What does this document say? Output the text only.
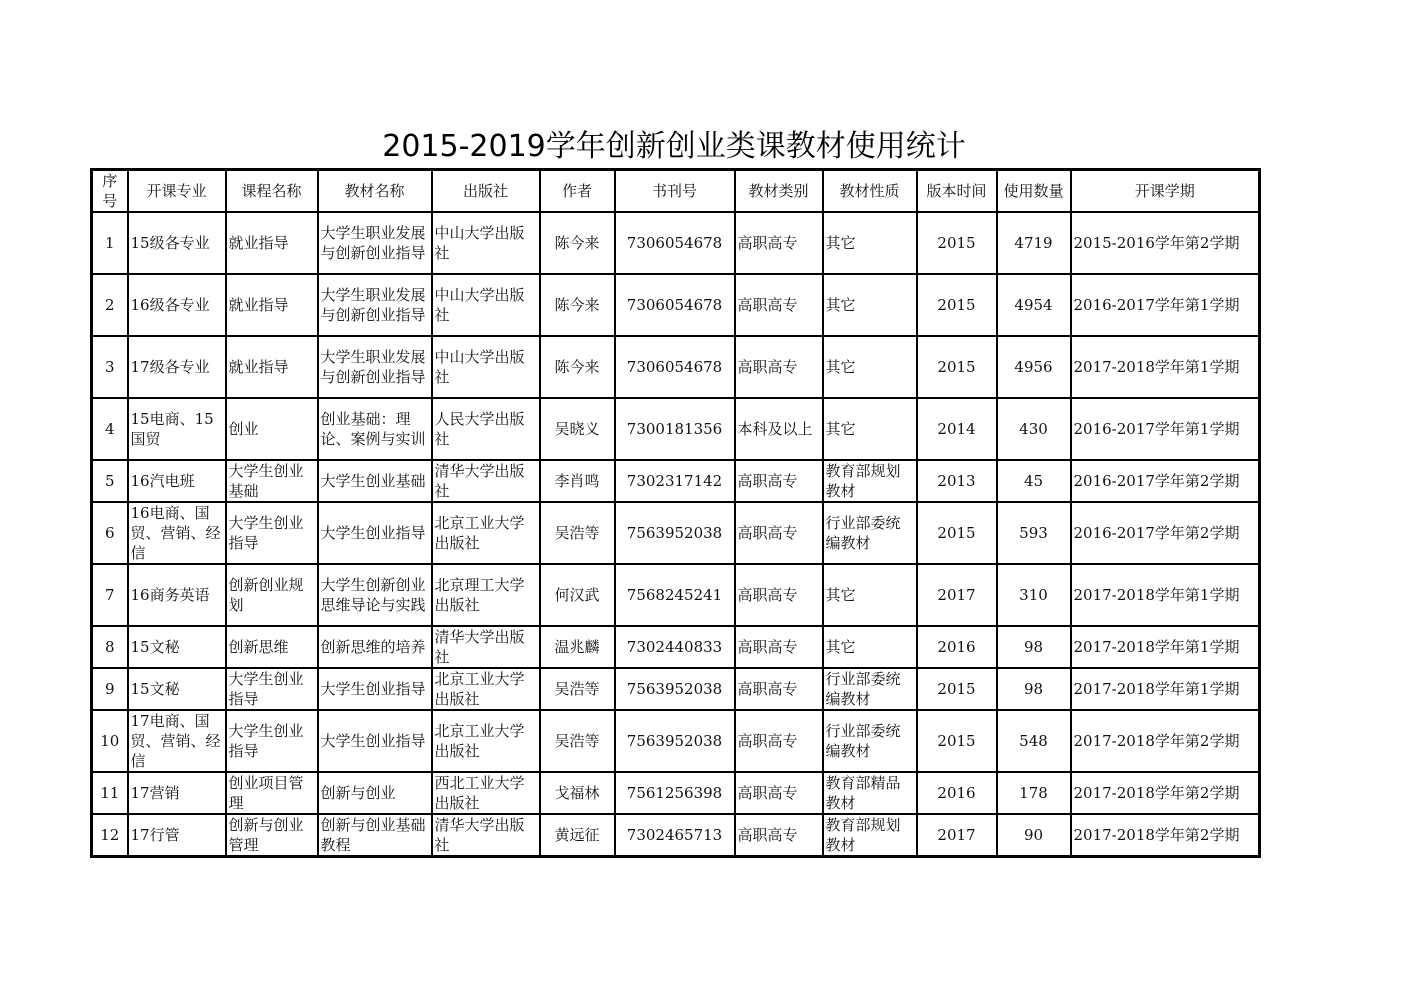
2015-2019学年创新创业类课教材使用统计
序号	开课专业	课程名称	教材名称	出版社	作者	书刊号	教材类别	教材性质	版本时间	使用数量	开课学期
1	15级各专业	就业指导	大学生职业发展与创新创业指导	中山大学出版社	陈今来	7306054678	高职高专	其它	2015	4719	2015-2016学年第2学期
2	16级各专业	就业指导	大学生职业发展与创新创业指导	中山大学出版社	陈今来	7306054678	高职高专	其它	2015	4954	2016-2017学年第1学期
3	17级各专业	就业指导	大学生职业发展与创新创业指导	中山大学出版社	陈今来	7306054678	高职高专	其它	2015	4956	2017-2018学年第1学期
4	15电商、15国贸	创业	创业基础：理论、案例与实训	人民大学出版社	吴晓义	7300181356	本科及以上	其它	2014	430	2016-2017学年第1学期
5	16汽电班	大学生创业基础	大学生创业基础	清华大学出版社	李肖鸣	7302317142	高职高专	教育部规划教材	2013	45	2016-2017学年第2学期
6	16电商、国贸、营销、经信	大学生创业指导	大学生创业指导	北京工业大学出版社	吴浩等	7563952038	高职高专	行业部委统编教材	2015	593	2016-2017学年第2学期
7	16商务英语	创新创业规划	大学生创新创业思维导论与实践	北京理工大学出版社	何汉武	7568245241	高职高专	其它	2017	310	2017-2018学年第1学期
8	15文秘	创新思维	创新思维的培养	清华大学出版社	温兆麟	7302440833	高职高专	其它	2016	98	2017-2018学年第1学期
9	15文秘	大学生创业指导	大学生创业指导	北京工业大学出版社	吴浩等	7563952038	高职高专	行业部委统编教材	2015	98	2017-2018学年第1学期
10	17电商、国贸、营销、经信	大学生创业指导	大学生创业指导	北京工业大学出版社	吴浩等	7563952038	高职高专	行业部委统编教材	2015	548	2017-2018学年第2学期
11	17营销	创业项目管理	创新与创业	西北工业大学出版社	戈福林	7561256398	高职高专	教育部精品教材	2016	178	2017-2018学年第2学期
12	17行管	创新与创业管理	创新与创业基础教程	清华大学出版社	黄远征	7302465713	高职高专	教育部规划教材	2017	90	2017-2018学年第2学期
